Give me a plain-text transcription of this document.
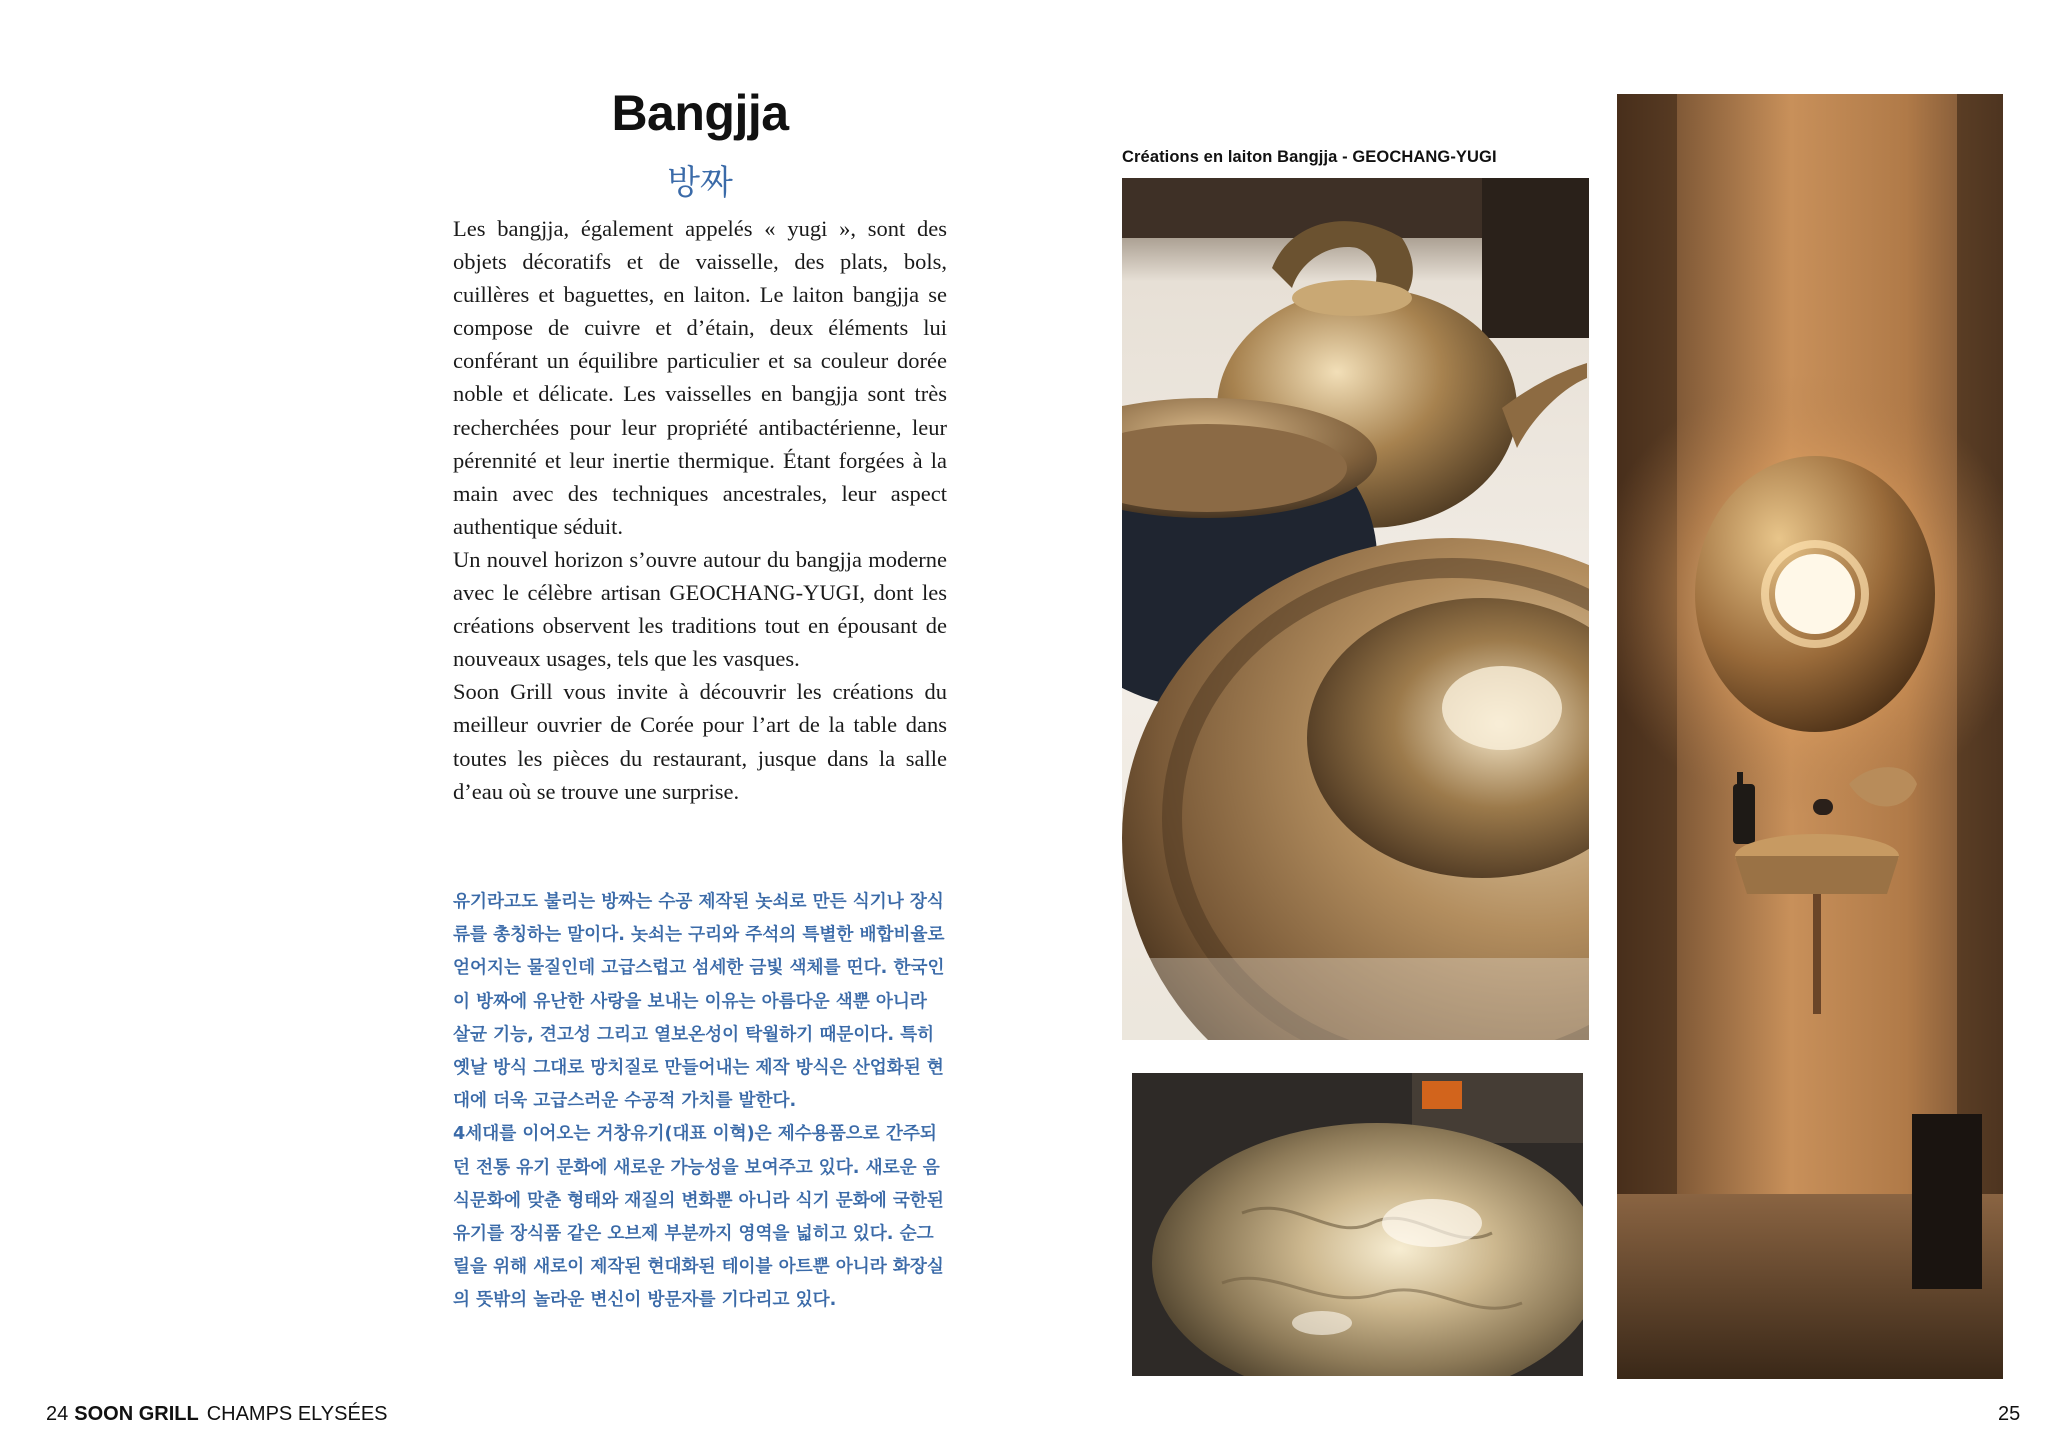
Bangjja
방짜

Les bangjja, également appelés « yugi », sont des objets décoratifs et de vaisselle, des plats, bols, cuillères et baguettes, en laiton. Le laiton bangjja se compose de cuivre et d’étain, deux éléments lui conférant un équilibre particulier et sa couleur dorée noble et délicate. Les vaisselles en bangjja sont très recherchées pour leur propriété antibactérienne, leur pérennité et leur inertie thermique. Étant forgées à la main avec des techniques ancestrales, leur aspect authentique séduit.

Un nouvel horizon s’ouvre autour du bangjja moderne avec le célèbre artisan GEOCHANG-YUGI, dont les créations observent les traditions tout en épousant de nouveaux usages, tels que les vasques.

Soon Grill vous invite à découvrir les créations du meilleur ouvrier de Corée pour l’art de la table dans toutes les pièces du restaurant, jusque dans la salle d’eau où se trouve une surprise.

유기라고도 불리는 방짜는 수공 제작된 놋쇠로 만든 식기나 장식류를 총칭하는 말이다. 놋쇠는 구리와 주석의 특별한 배합비율로 얻어지는 물질인데 고급스럽고 섬세한 금빛 색체를 띤다. 한국인이 방짜에 유난한 사랑을 보내는 이유는 아름다운 색뿐 아니라 살균 기능, 견고성 그리고 열보온성이 탁월하기 때문이다. 특히 옛날 방식 그대로 망치질로 만들어내는 제작 방식은 산업화된 현대에 더욱 고급스러운 수공적 가치를 발한다.

4세대를 이어오는 거창유기(대표 이혁)은 제수용품으로 간주되던 전통 유기 문화에 새로운 가능성을 보여주고 있다. 새로운 음식문화에 맞춘 형태와 재질의 변화뿐 아니라 식기 문화에 국한된 유기를 장식품 같은 오브제 부분까지 영역을 넓히고 있다. 순그릴을 위해 새로이 제작된 현대화된 테이블 아트뿐 아니라 화장실의 뜻밖의 놀라운 변신이 방문자를 기다리고 있다.

Créations en laiton Bangjja - GEOCHANG-YUGI
24 SOON GRILL CHAMPS ELYSÉES	25
